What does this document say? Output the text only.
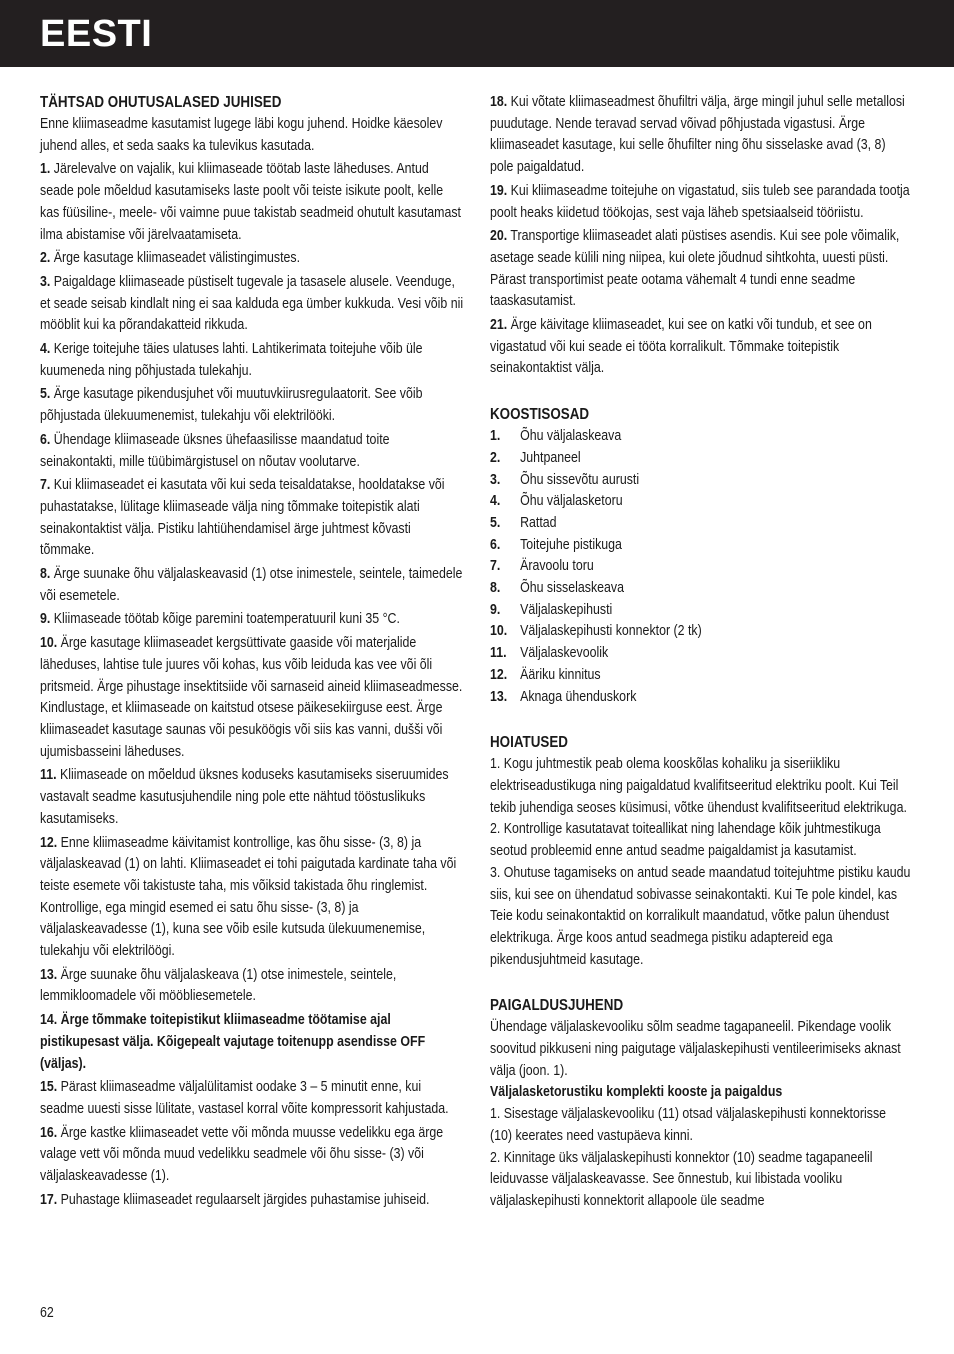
EESTI
TÄHTSAD OHUTUSALASED JUHISED

Enne kliimaseadme kasutamist lugege läbi kogu juhend. Hoidke käesolev juhend alles, et seda saaks ka tulevikus kasutada.

1. Järelevalve on vajalik, kui kliimaseade töötab laste läheduses. Antud seade pole mõeldud kasutamiseks laste poolt või teiste isikute poolt, kelle kas füüsiline-, meele- või vaimne puue takistab seadmeid ohutult kasutamast ilma abistamise või järelvaatamiseta.

2. Ärge kasutage kliimaseadet välistingimustes.

3. Paigaldage kliimaseade püstiselt tugevale ja tasasele alusele. Veenduge, et seade seisab kindlalt ning ei saa kalduda ega ümber kukkuda. Vesi võib nii mööblit kui ka põrandakatteid rikkuda.

4. Kerige toitejuhe täies ulatuses lahti. Lahtikerimata toitejuhe võib üle kuumeneda ning põhjustada tulekahju.

5. Ärge kasutage pikendusjuhet või muutuvkiirusregulaatorit. See võib põhjustada ülekuumenemist, tulekahju või elektrilööki.

6. Ühendage kliimaseade üksnes ühefaasilisse maandatud toite seinakontakti, mille tüübimärgistusel on nõutav voolutarve.

7. Kui kliimaseadet ei kasutata või kui seda teisaldatakse, hooldatakse või puhastatakse, lülitage kliimaseade välja ning tõmmake toitepistik alati seinakontaktist välja. Pistiku lahtiühendamisel ärge juhtmest kõvasti tõmmake.

8. Ärge suunake õhu väljalaskeavasid (1) otse inimestele, seintele, taimedele või esemetele.

9. Kliimaseade töötab kõige paremini toatemperatuuril kuni 35 °C.

10. Ärge kasutage kliimaseadet kergsüttivate gaaside või materjalide läheduses, lahtise tule juures või kohas, kus võib leiduda kas vee või õli pritsmeid. Ärge pihustage insektitsiide või sarnaseid aineid kliimaseadmesse. Kindlustage, et kliimaseade on kaitstud otsese päikesekiirguse eest. Ärge kliimaseadet kasutage saunas või pesuköögis või siis kas vanni, dušši või ujumisbasseini läheduses.

11. Kliimaseade on mõeldud üksnes koduseks kasutamiseks siseruumides vastavalt seadme kasutusjuhendile ning pole ette nähtud tööstuslikuks kasutamiseks.

12. Enne kliimaseadme käivitamist kontrollige, kas õhu sisse- (3, 8) ja väljalaskeavad (1) on lahti. Kliimaseadet ei tohi paigutada kardinate taha või teiste esemete või takistuste taha, mis võiksid takistada õhu ringlemist. Kontrollige, ega mingid esemed ei satu õhu sisse- (3, 8) ja väljalaskeavadesse (1), kuna see võib esile kutsuda ülekuumenemise, tulekahju või elektrilöögi.

13. Ärge suunake õhu väljalaskeava (1) otse inimestele, seintele, lemmikloomadele või mööbliesemetele.

14. Ärge tõmmake toitepistikut kliimaseadme töötamise ajal pistikupesast välja. Kõigepealt vajutage toitenupp asendisse OFF (väljas).

15. Pärast kliimaseadme väljalülitamist oodake 3 – 5 minutit enne, kui seadme uuesti sisse lülitate, vastasel korral võite kompressorit kahjustada.

16. Ärge kastke kliimaseadet vette või mõnda muusse vedelikku ega ärge valage vett või mõnda muud vedelikku seadmele või õhu sisse- (3) või väljalaskeavadesse (1).

17. Puhastage kliimaseadet regulaarselt järgides puhastamise juhiseid.

18. Kui võtate kliimaseadmest õhufiltri välja, ärge mingil juhul selle metallosi puudutage. Nende teravad servad võivad põhjustada vigastusi. Ärge kliimaseadet kasutage, kui selle õhufilter ning õhu sisselaske avad (3, 8) pole paigaldatud.

19. Kui kliimaseadme toitejuhe on vigastatud, siis tuleb see parandada tootja poolt heaks kiidetud töökojas, sest vaja läheb spetsiaalseid tööriistu.

20. Transportige kliimaseadet alati püstises asendis. Kui see pole võimalik, asetage seade külili ning niipea, kui olete jõudnud sihtkohta, uuesti püsti. Pärast transportimist peate ootama vähemalt 4 tundi enne seadme taaskasutamist.

21. Ärge käivitage kliimaseadet, kui see on katki või tundub, et see on vigastatud või kui seade ei tööta korralikult. Tõmmake toitepistik seinakontaktist välja.

KOOSTISOSAD
1.	Õhu väljalaskeava
2.	Juhtpaneel
3.	Õhu sissevõtu aurusti
4.	Õhu väljalasketoru
5.	Rattad
6.	Toitejuhe pistikuga
7.	Äravoolu toru
8.	Õhu sisselaskeava
9.	Väljalaskepihusti
10. Väljalaskepihusti konnektor (2 tk)
11. Väljalaskevoolik
12. Ääriku kinnitus
13. Aknaga ühenduskork
HOIATUSED

1. Kogu juhtmestik peab olema kooskõlas kohaliku ja siseriikliku elektriseadustikuga ning paigaldatud kvalifitseeritud elektriku poolt. Kui Teil tekib juhendiga seoses küsimusi, võtke ühendust kvalifitseeritud elektrikuga.

2. Kontrollige kasutatavat toiteallikat ning lahendage kõik juhtmestikuga seotud probleemid enne antud seadme paigaldamist ja kasutamist.

3. Ohutuse tagamiseks on antud seade maandatud toitejuhtme pistiku kaudu siis, kui see on ühendatud sobivasse seinakontakti. Kui Te pole kindel, kas Teie kodu seinakontaktid on korralikult maandatud, võtke palun ühendust elektrikuga. Ärge koos antud seadmega pistiku adaptereid ega pikendusjuhtmeid kasutage.

PAIGALDUSJUHEND

Ühendage väljalaskevooliku sõlm seadme tagapaneelil. Pikendage voolik soovitud pikkuseni ning paigutage väljalaskepihusti ventileerimiseks aknast välja (joon. 1).

Väljalasketorustiku komplekti kooste ja paigaldus

1. Sisestage väljalaskevooliku (11) otsad väljalaskepihusti konnektorisse (10) keerates need vastupäeva kinni.

2. Kinnitage üks väljalaskepihusti konnektor (10) seadme tagapaneelil leiduvasse väljalaskeavasse. See õnnestub, kui libistada vooliku väljalaskepihusti konnektorit allapoole üle seadme

62
